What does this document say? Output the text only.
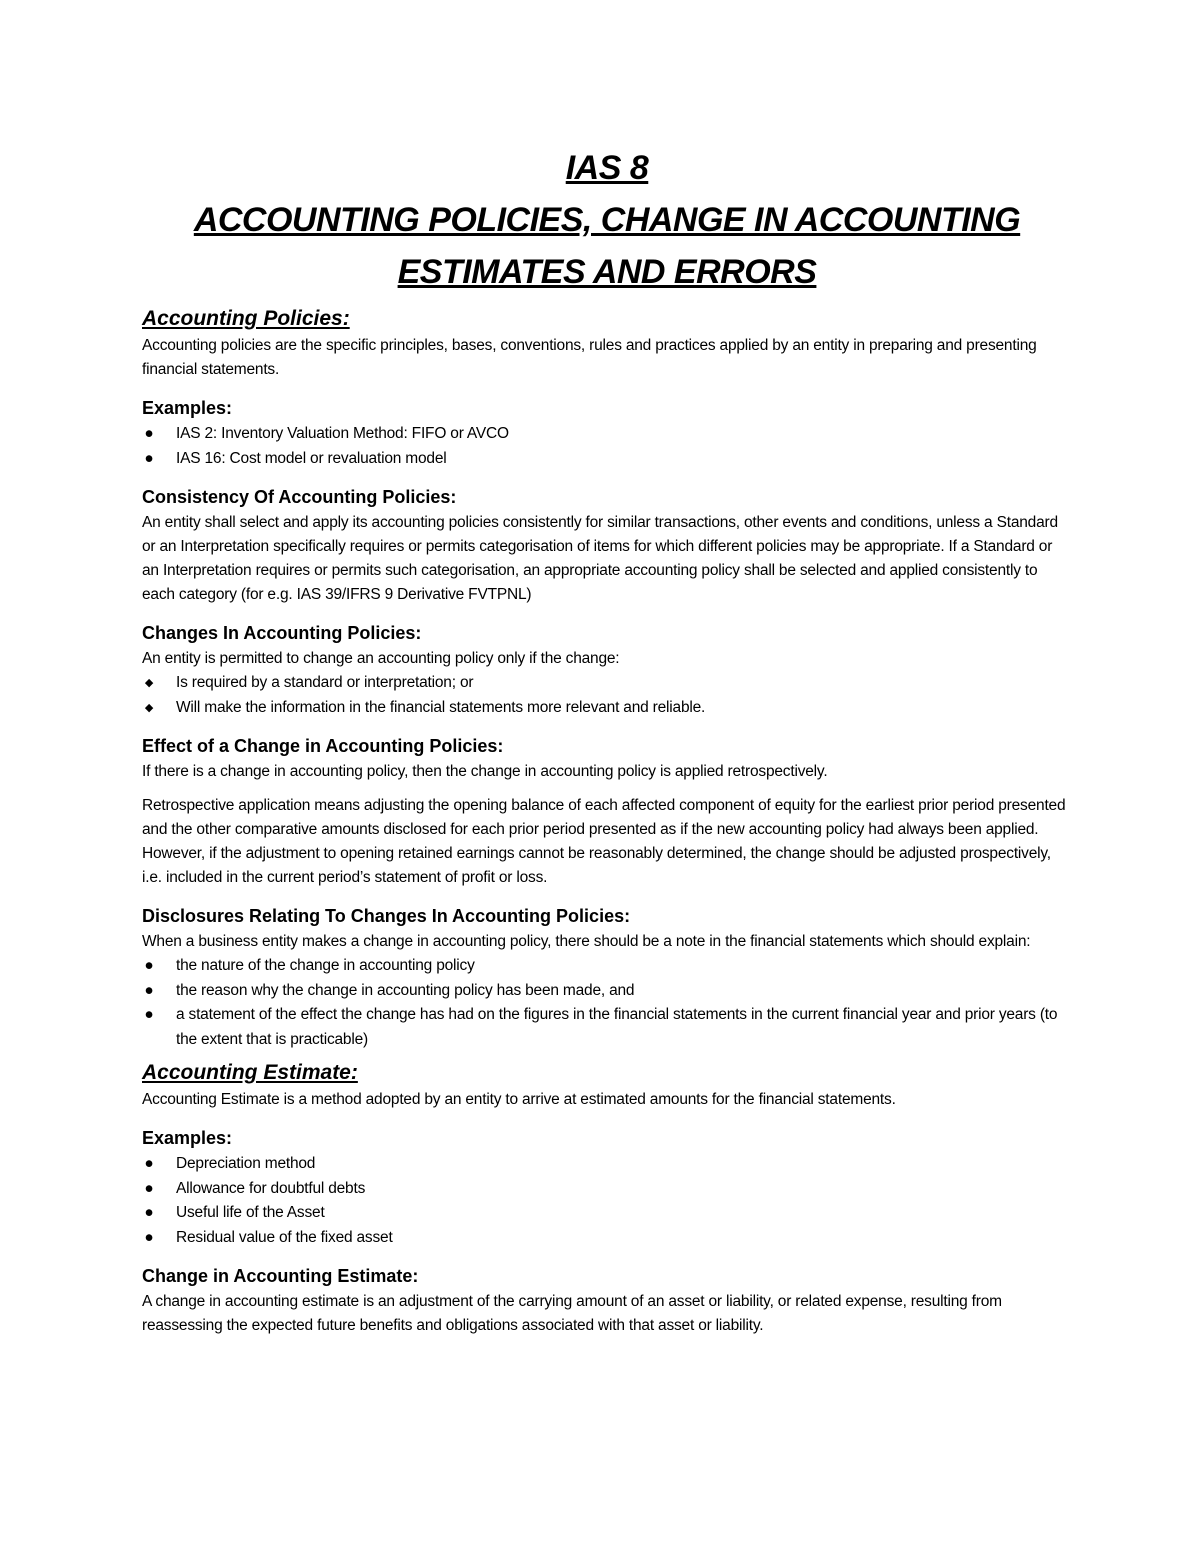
IAS 8
ACCOUNTING POLICIES, CHANGE IN ACCOUNTING
ESTIMATES AND ERRORS
Accounting Policies:

Accounting policies are the specific principles, bases, conventions, rules and practices applied by an entity in preparing and presenting financial statements.

Examples:
● IAS 2: Inventory Valuation Method: FIFO or AVCO
● IAS 16: Cost model or revaluation model
Consistency Of Accounting Policies:

An entity shall select and apply its accounting policies consistently for similar transactions, other events and conditions, unless a Standard or an Interpretation specifically requires or permits categorisation of items for which different policies may be appropriate. If a Standard or an Interpretation requires or permits such categorisation, an appropriate accounting policy shall be selected and applied consistently to each category (for e.g. IAS 39/IFRS 9 Derivative FVTPNL)

Changes In Accounting Policies:

An entity is permitted to change an accounting policy only if the change:

◆ Is required by a standard or interpretation; or
◆ Will make the information in the financial statements more relevant and reliable.
Effect of a Change in Accounting Policies:

If there is a change in accounting policy, then the change in accounting policy is applied retrospectively.

Retrospective application means adjusting the opening balance of each affected component of equity for the earliest prior period presented and the other comparative amounts disclosed for each prior period presented as if the new accounting policy had always been applied. However, if the adjustment to opening retained earnings cannot be reasonably determined, the change should be adjusted prospectively, i.e. included in the current period’s statement of profit or loss.

Disclosures Relating To Changes In Accounting Policies:

When a business entity makes a change in accounting policy, there should be a note in the financial statements which should explain:

● the nature of the change in accounting policy
● the reason why the change in accounting policy has been made, and
● a statement of the effect the change has had on the figures in the financial statements in the current financial year and prior years (to the extent that is practicable)
Accounting Estimate:

Accounting Estimate is a method adopted by an entity to arrive at estimated amounts for the financial statements.

Examples:
● Depreciation method
● Allowance for doubtful debts
● Useful life of the Asset
● Residual value of the fixed asset
Change in Accounting Estimate:

A change in accounting estimate is an adjustment of the carrying amount of an asset or liability, or related expense, resulting from reassessing the expected future benefits and obligations associated with that asset or liability.
